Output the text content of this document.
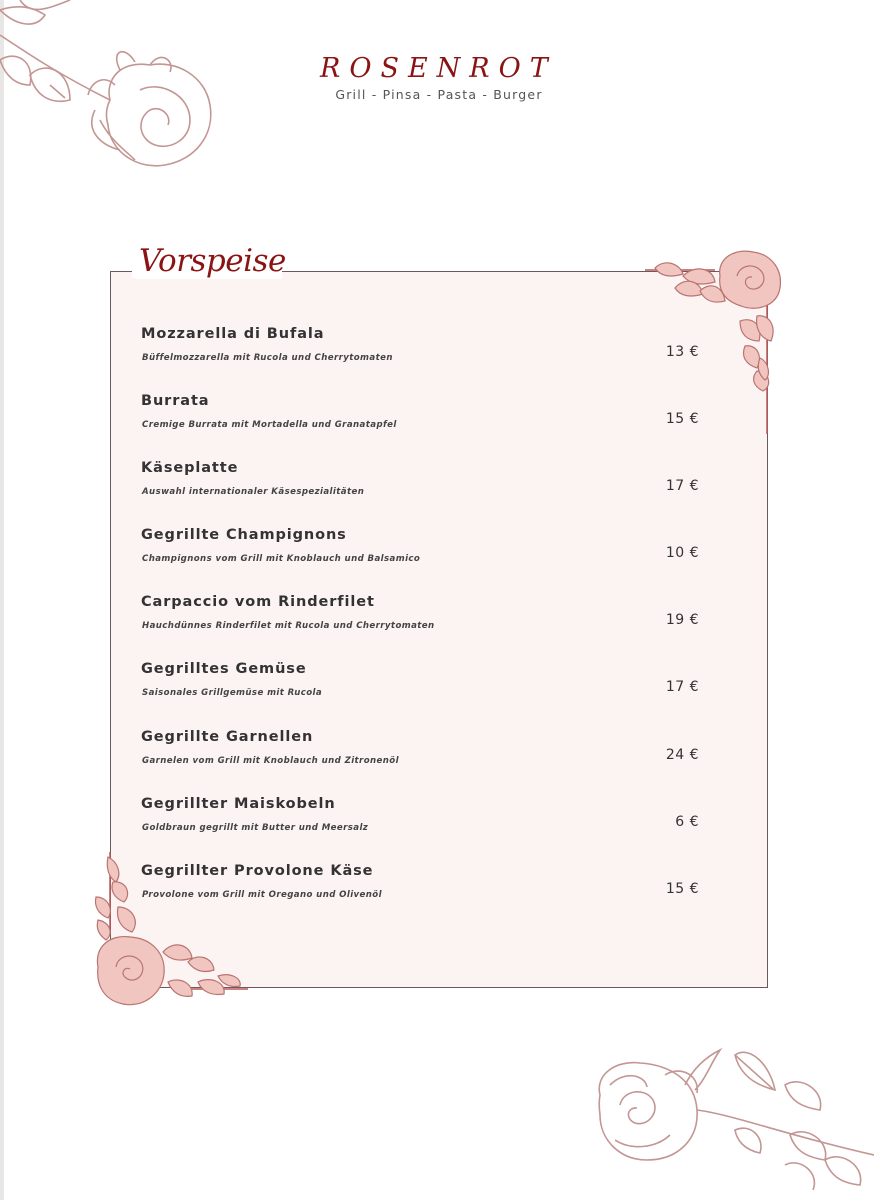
ROSENROT
Grill - Pinsa - Pasta - Burger
Vorspeise
Mozzarella di Bufala
Büffelmozzarella mit Rucola und Cherrytomaten	13 €
Burrata
Cremige Burrata mit Mortadella und Granatapfel	15 €
Käseplatte
Auswahl internationaler Käsespezialitäten	17 €
Gegrillte Champignons
Champignons vom Grill mit Knoblauch und Balsamico	10 €
Carpaccio vom Rinderfilet
Hauchdünnes Rinderfilet mit Rucola und Cherrytomaten	19 €
Gegrilltes Gemüse
Saisonales Grillgemüse mit Rucola	17 €
Gegrillte Garnellen
Garnelen vom Grill mit Knoblauch und Zitronenöl	24 €
Gegrillter Maiskobeln
Goldbraun gegrillt mit Butter und Meersalz	6 €
Gegrillter Provolone Käse
Provolone vom Grill mit Oregano und Olivenöl	15 €
